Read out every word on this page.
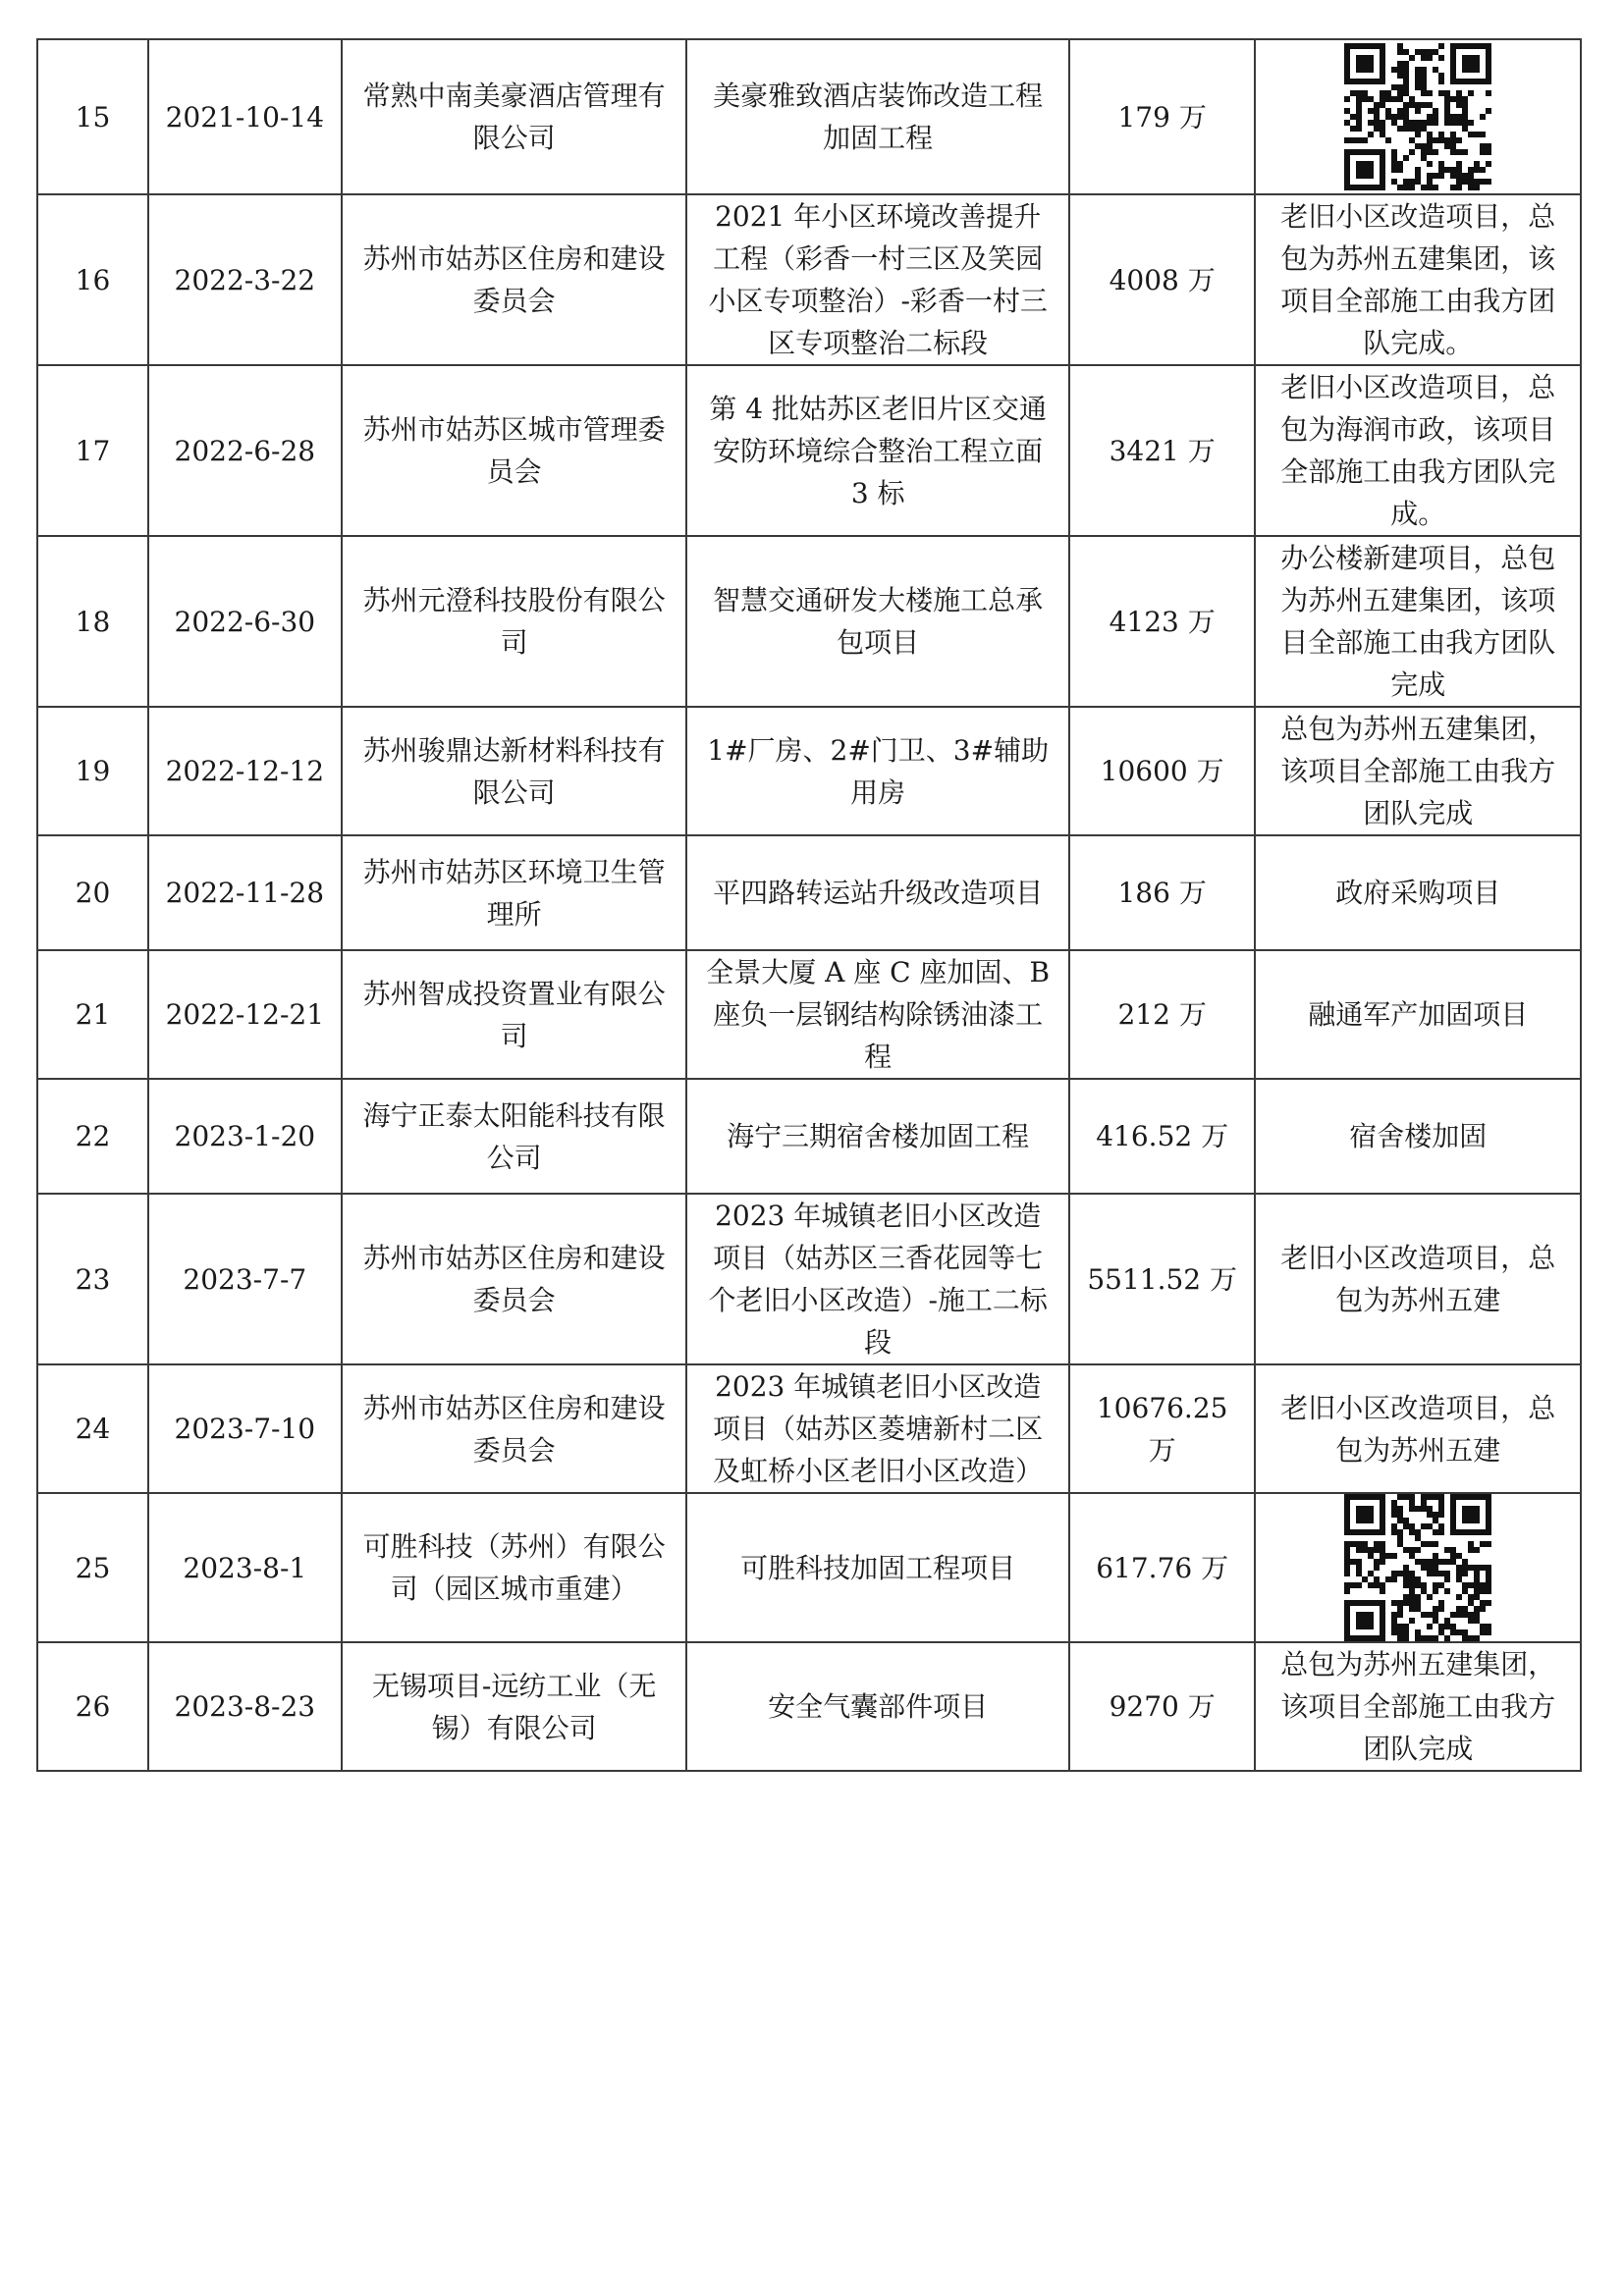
15	2021-10-14	常熟中南美豪酒店管理有限公司	美豪雅致酒店装饰改造工程加固工程	179 万	
16	2022-3-22	苏州市姑苏区住房和建设委员会	2021 年小区环境改善提升工程（彩香一村三区及笑园小区专项整治）-彩香一村三区专项整治二标段	4008 万	老旧小区改造项目，总包为苏州五建集团，该项目全部施工由我方团队完成。
17	2022-6-28	苏州市姑苏区城市管理委员会	第 4 批姑苏区老旧片区交通安防环境综合整治工程立面 3 标	3421 万	老旧小区改造项目，总包为海润市政，该项目全部施工由我方团队完成。
18	2022-6-30	苏州元澄科技股份有限公司	智慧交通研发大楼施工总承包项目	4123 万	办公楼新建项目，总包为苏州五建集团，该项目全部施工由我方团队完成
19	2022-12-12	苏州骏鼎达新材料科技有限公司	1#厂房、2#门卫、3#辅助用房	10600 万	总包为苏州五建集团，该项目全部施工由我方团队完成
20	2022-11-28	苏州市姑苏区环境卫生管理所	平四路转运站升级改造项目	186 万	政府采购项目
21	2022-12-21	苏州智成投资置业有限公司	全景大厦 A 座 C 座加固、B 座负一层钢结构除锈油漆工程	212 万	融通军产加固项目
22	2023-1-20	海宁正泰太阳能科技有限公司	海宁三期宿舍楼加固工程	416.52 万	宿舍楼加固
23	2023-7-7	苏州市姑苏区住房和建设委员会	2023 年城镇老旧小区改造项目（姑苏区三香花园等七个老旧小区改造）-施工二标段	5511.52 万	老旧小区改造项目，总包为苏州五建
24	2023-7-10	苏州市姑苏区住房和建设委员会	2023 年城镇老旧小区改造项目（姑苏区菱塘新村二区及虹桥小区老旧小区改造）	10676.25 万	老旧小区改造项目，总包为苏州五建
25	2023-8-1	可胜科技（苏州）有限公司（园区城市重建）	可胜科技加固工程项目	617.76 万	
26	2023-8-23	无锡项目-远纺工业（无锡）有限公司	安全气囊部件项目	9270 万	总包为苏州五建集团，该项目全部施工由我方团队完成
